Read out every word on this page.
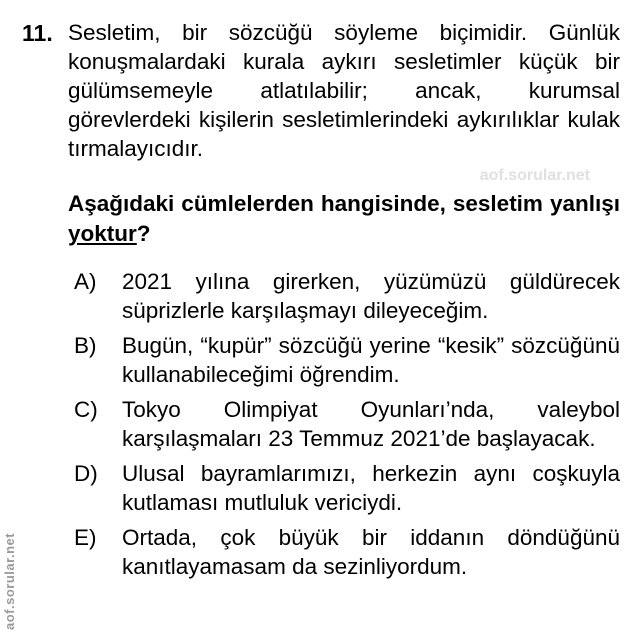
11. Sesletim, bir sözcüğü söyleme biçimidir. Günlük konuşmalardaki kurala aykırı sesletimler küçük bir gülümsemeyle atlatılabilir; ancak, kurumsal görevlerdeki kişilerin sesletimlerindeki aykırılıklar kulak tırmalayıcıdır.
aof.sorular.net
Aşağıdaki cümlelerden hangisinde, sesletim yanlışı yoktur?
A) 2021 yılına girerken, yüzümüzü güldürecek süprizlerle karşılaşmayı dileyeceğim.
B) Bugün, “kupür” sözcüğü yerine “kesik” sözcüğünü kullanabileceğimi öğrendim.
C) Tokyo Olimpiyat Oyunları’nda, valeybol karşılaşmaları 23 Temmuz 2021’de başlayacak.
D) Ulusal bayramlarımızı, herkezin aynı coşkuyla kutlaması mutluluk vericiydi.
E) Ortada, çok büyük bir iddanın döndüğünü kanıtlayamasam da sezinliyordum.
aof.sorular.net
